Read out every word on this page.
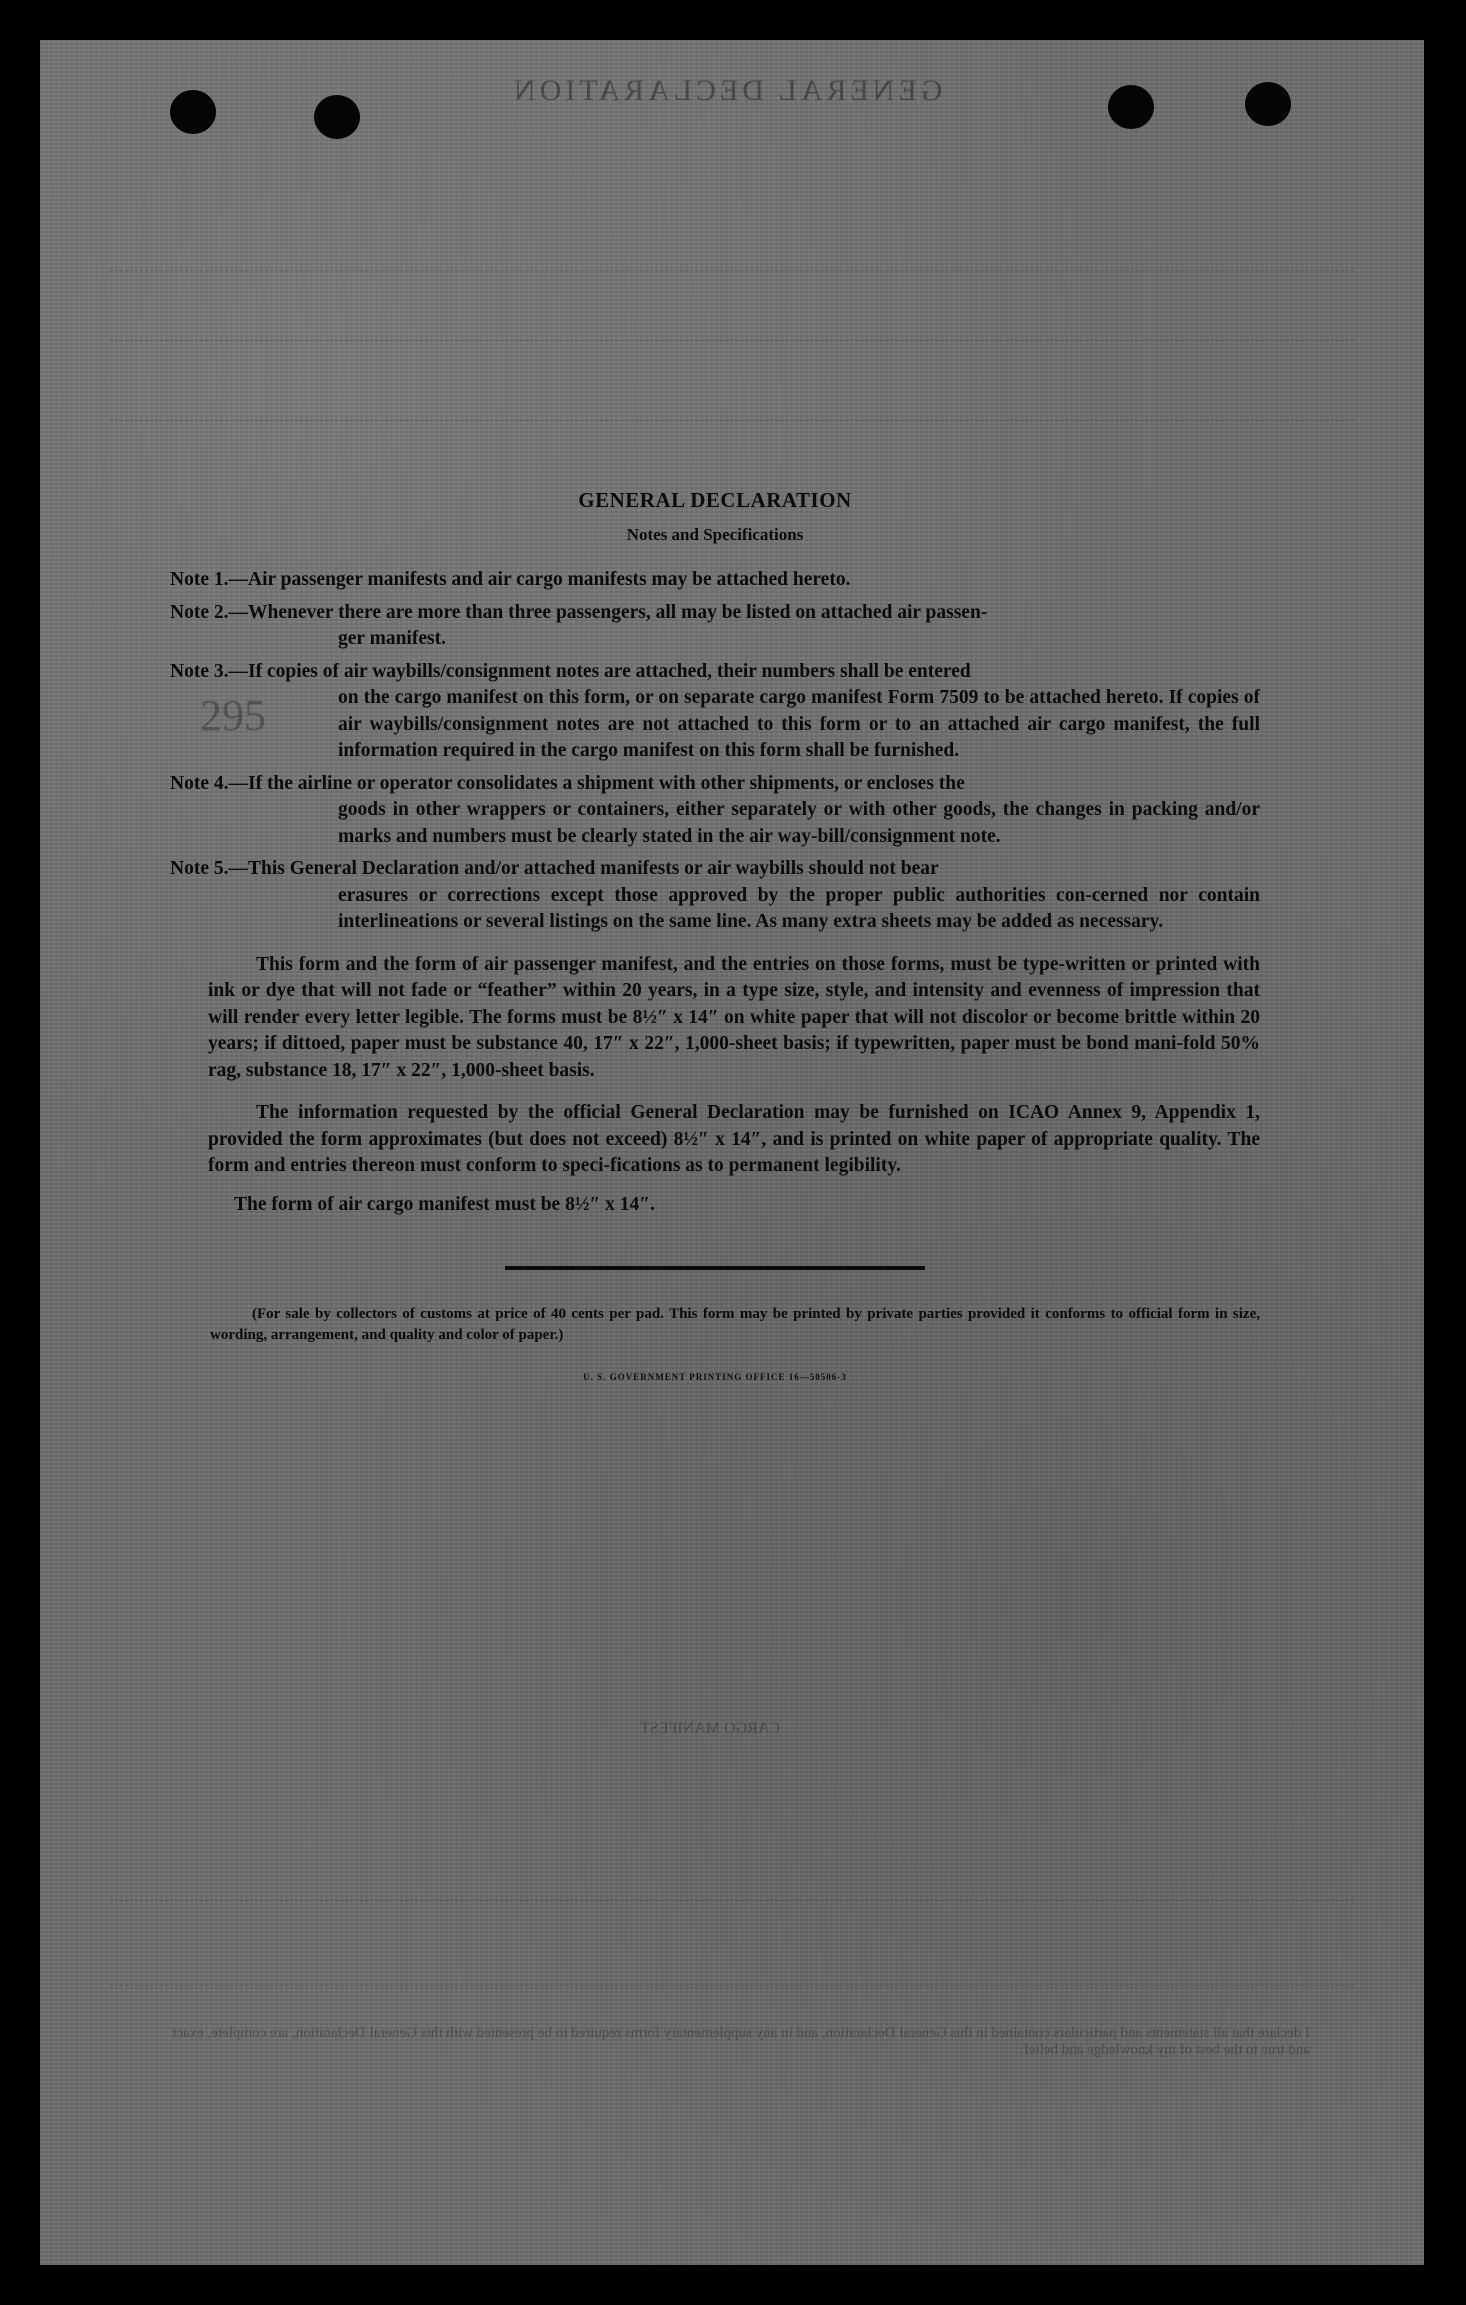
GENERAL DECLARATION
CARGO MANIFEST
I declare that all statements and particulars contained in this General Declaration, and in any supplementary forms required to be presented with this General Declaration, are complete, exact and true to the best of my knowledge and belief.
295
GENERAL DECLARATION
Notes and Specifications

Note 1.—Air passenger manifests and air cargo manifests may be attached hereto.

Note 2.—Whenever there are more than three passengers, all may be listed on attached air passen-

ger manifest.

Note 3.—If copies of air waybills/consignment notes are attached, their numbers shall be entered

on the cargo manifest on this form, or on separate cargo manifest Form 7509 to be attached hereto. If copies of air waybills/consignment notes are not attached to this form or to an attached air cargo manifest, the full information required in the cargo manifest on this form shall be furnished.

Note 4.—If the airline or operator consolidates a shipment with other shipments, or encloses the

goods in other wrappers or containers, either separately or with other goods, the changes in packing and/or marks and numbers must be clearly stated in the air way-bill/consignment note.

Note 5.—This General Declaration and/or attached manifests or air waybills should not bear

erasures or corrections except those approved by the proper public authorities con-cerned nor contain interlineations or several listings on the same line. As many extra sheets may be added as necessary.

This form and the form of air passenger manifest, and the entries on those forms, must be type-written or printed with ink or dye that will not fade or “feather” within 20 years, in a type size, style, and intensity and evenness of impression that will render every letter legible. The forms must be 8½″ x 14″ on white paper that will not discolor or become brittle within 20 years; if dittoed, paper must be substance 40, 17″ x 22″, 1,000-sheet basis; if typewritten, paper must be bond mani-fold 50% rag, substance 18, 17″ x 22″, 1,000-sheet basis.

The information requested by the official General Declaration may be furnished on ICAO Annex 9, Appendix 1, provided the form approximates (but does not exceed) 8½″ x 14″, and is printed on white paper of appropriate quality. The form and entries thereon must conform to speci-fications as to permanent legibility.

The form of air cargo manifest must be 8½″ x 14″.

(For sale by collectors of customs at price of 40 cents per pad. This form may be printed by private parties provided it conforms to official form in size, wording, arrangement, and quality and color of paper.)

U. S. GOVERNMENT PRINTING OFFICE 16—50506-3
